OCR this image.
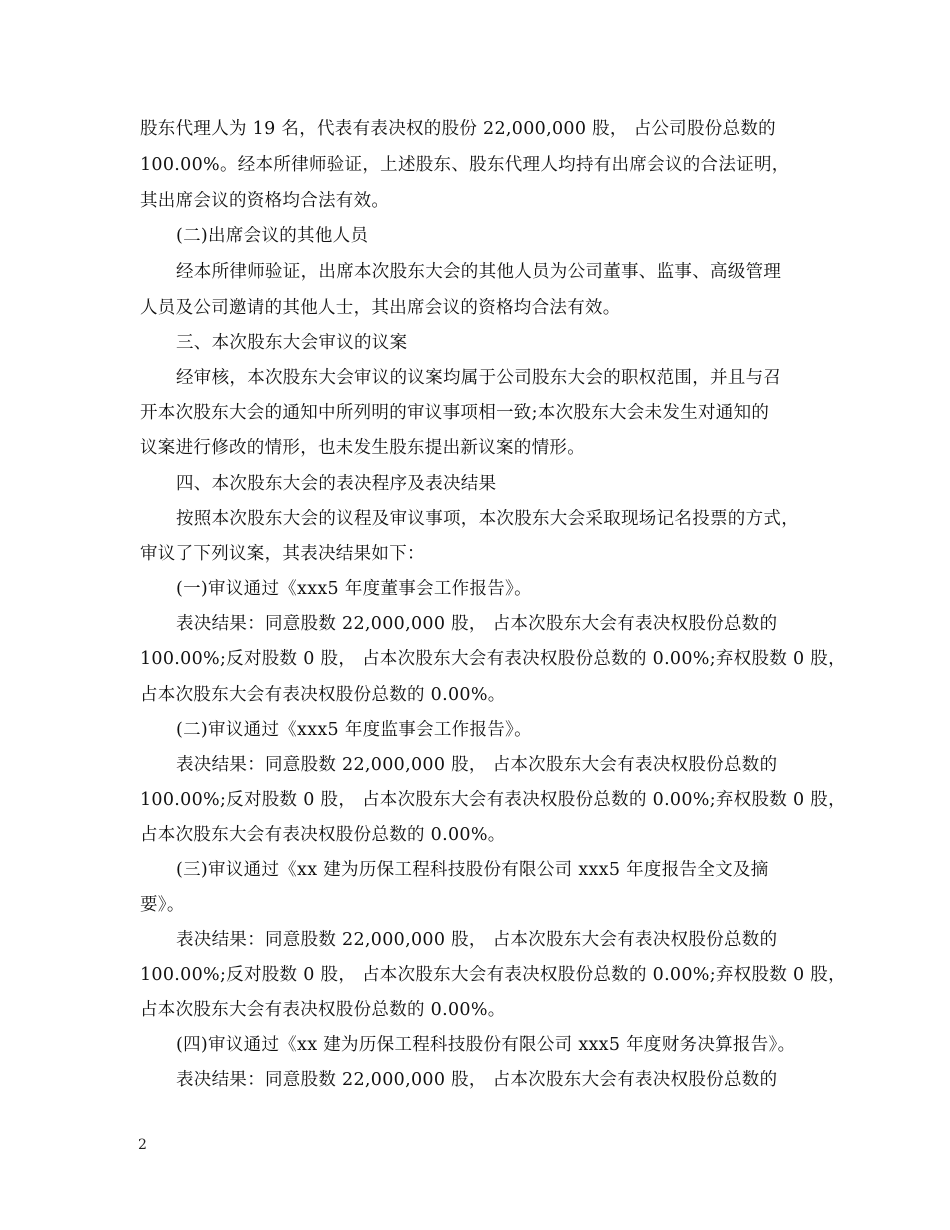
股东代理人为 19 名，代表有表决权的股份 22,000,000 股， 占公司股份总数的
100.00%。经本所律师验证，上述股东、股东代理人均持有出席会议的合法证明，
其出席会议的资格均合法有效。
(二)出席会议的其他人员
经本所律师验证，出席本次股东大会的其他人员为公司董事、监事、高级管理
人员及公司邀请的其他人士，其出席会议的资格均合法有效。
三、本次股东大会审议的议案
经审核，本次股东大会审议的议案均属于公司股东大会的职权范围，并且与召
开本次股东大会的通知中所列明的审议事项相一致;本次股东大会未发生对通知的
议案进行修改的情形，也未发生股东提出新议案的情形。
四、本次股东大会的表决程序及表决结果
按照本次股东大会的议程及审议事项，本次股东大会采取现场记名投票的方式，
审议了下列议案，其表决结果如下：
(一)审议通过《xxx5 年度董事会工作报告》。
表决结果：同意股数 22,000,000 股， 占本次股东大会有表决权股份总数的
100.00%;反对股数 0 股， 占本次股东大会有表决权股份总数的 0.00%;弃权股数 0 股，
占本次股东大会有表决权股份总数的 0.00%。
(二)审议通过《xxx5 年度监事会工作报告》。
表决结果：同意股数 22,000,000 股， 占本次股东大会有表决权股份总数的
100.00%;反对股数 0 股， 占本次股东大会有表决权股份总数的 0.00%;弃权股数 0 股，
占本次股东大会有表决权股份总数的 0.00%。
(三)审议通过《xx 建为历保工程科技股份有限公司 xxx5 年度报告全文及摘
要》。
表决结果：同意股数 22,000,000 股， 占本次股东大会有表决权股份总数的
100.00%;反对股数 0 股， 占本次股东大会有表决权股份总数的 0.00%;弃权股数 0 股，
占本次股东大会有表决权股份总数的 0.00%。
(四)审议通过《xx 建为历保工程科技股份有限公司 xxx5 年度财务决算报告》。
表决结果：同意股数 22,000,000 股， 占本次股东大会有表决权股份总数的
2
